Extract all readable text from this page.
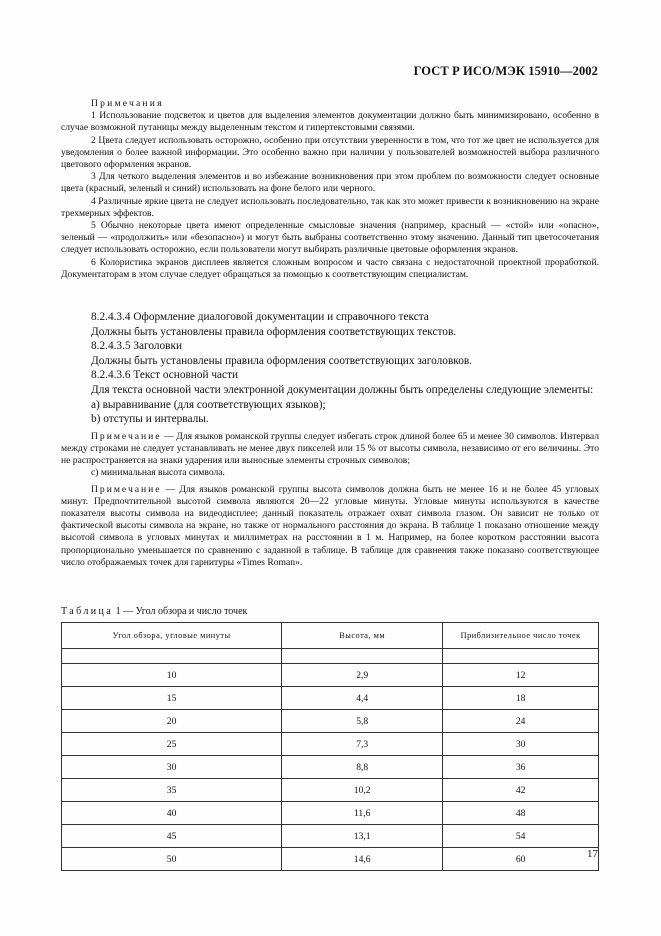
ГОСТ Р ИСО/МЭК 15910—2002

Примечания

1 Использование подсветок и цветов для выделения элементов документации должно быть минимизировано, особенно в случае возможной путаницы между выделенным текстом и гипертекстовыми связями.

2 Цвета следует использовать осторожно, особенно при отсутствии уверенности в том, что тот же цвет не используется для уведомления о более важной информации. Это особенно важно при наличии у пользователей возможностей выбора различного цветового оформления экранов.

3 Для четкого выделения элементов и во избежание возникновения при этом проблем по возможности следует основные цвета (красный, зеленый и синий) использовать на фоне белого или черного.

4 Различные яркие цвета не следует использовать последовательно, так как это может привести к возникновению на экране трехмерных эффектов.

5 Обычно некоторые цвета имеют определенные смысловые значения (например, красный — «стой» или «опасно», зеленый — «продолжить» или «безопасно») и могут быть выбраны соответственно этому значению. Данный тип цветосочетания следует использовать осторожно, если пользователи могут выбирать различные цветовые оформления экранов.

6 Колористика экранов дисплеев является сложным вопросом и часто связана с недостаточной проектной проработкой. Документаторам в этом случае следует обращаться за помощью к соответствующим специалистам.

8.2.4.3.4 Оформление диалоговой документации и справочного текста

Должны быть установлены правила оформления соответствующих текстов.

8.2.4.3.5 Заголовки

Должны быть установлены правила оформления соответствующих заголовков.

8.2.4.3.6 Текст основной части

Для текста основной части электронной документации должны быть определены следующие элементы:

a) выравнивание (для соответствующих языков);

b) отступы и интервалы.

Примечание — Для языков романской группы следует избегать строк длиной более 65 и менее 30 символов. Интервал между строками не следует устанавливать не менее двух пикселей или 15 % от высоты символа, независимо от его величины. Это не распространяется на знаки ударения или выносные элементы строчных символов;

c) минимальная высота символа.

Примечание — Для языков романской группы высота символов должна быть не менее 16 и не более 45 угловых минут. Предпочтительной высотой символа являются 20—22 угловые минуты. Угловые минуты используются в качестве показателя высоты символа на видеодисплее; данный показатель отражает охват символа глазом. Он зависит не только от фактической высоты символа на экране, но также от нормального расстояния до экрана. В таблице 1 показано отношение между высотой символа в угловых минутах и миллиметрах на расстоянии в 1 м. Например, на более коротком расстоянии высота пропорционально уменьшается по сравнению с заданной в таблице. В таблице для сравнения также показано соответствующее число отображаемых точек для гарнитуры «Times Roman».

Таблица 1 — Угол обзора и число точек
Угол обзора, угловые минуты	Высота, мм	Приблизительное число точек

10	2,9	12
15	4,4	18
20	5,8	24
25	7,3	30
30	8,8	36
35	10,2	42
40	11,6	48
45	13,1	54
50	14,6	60	17
